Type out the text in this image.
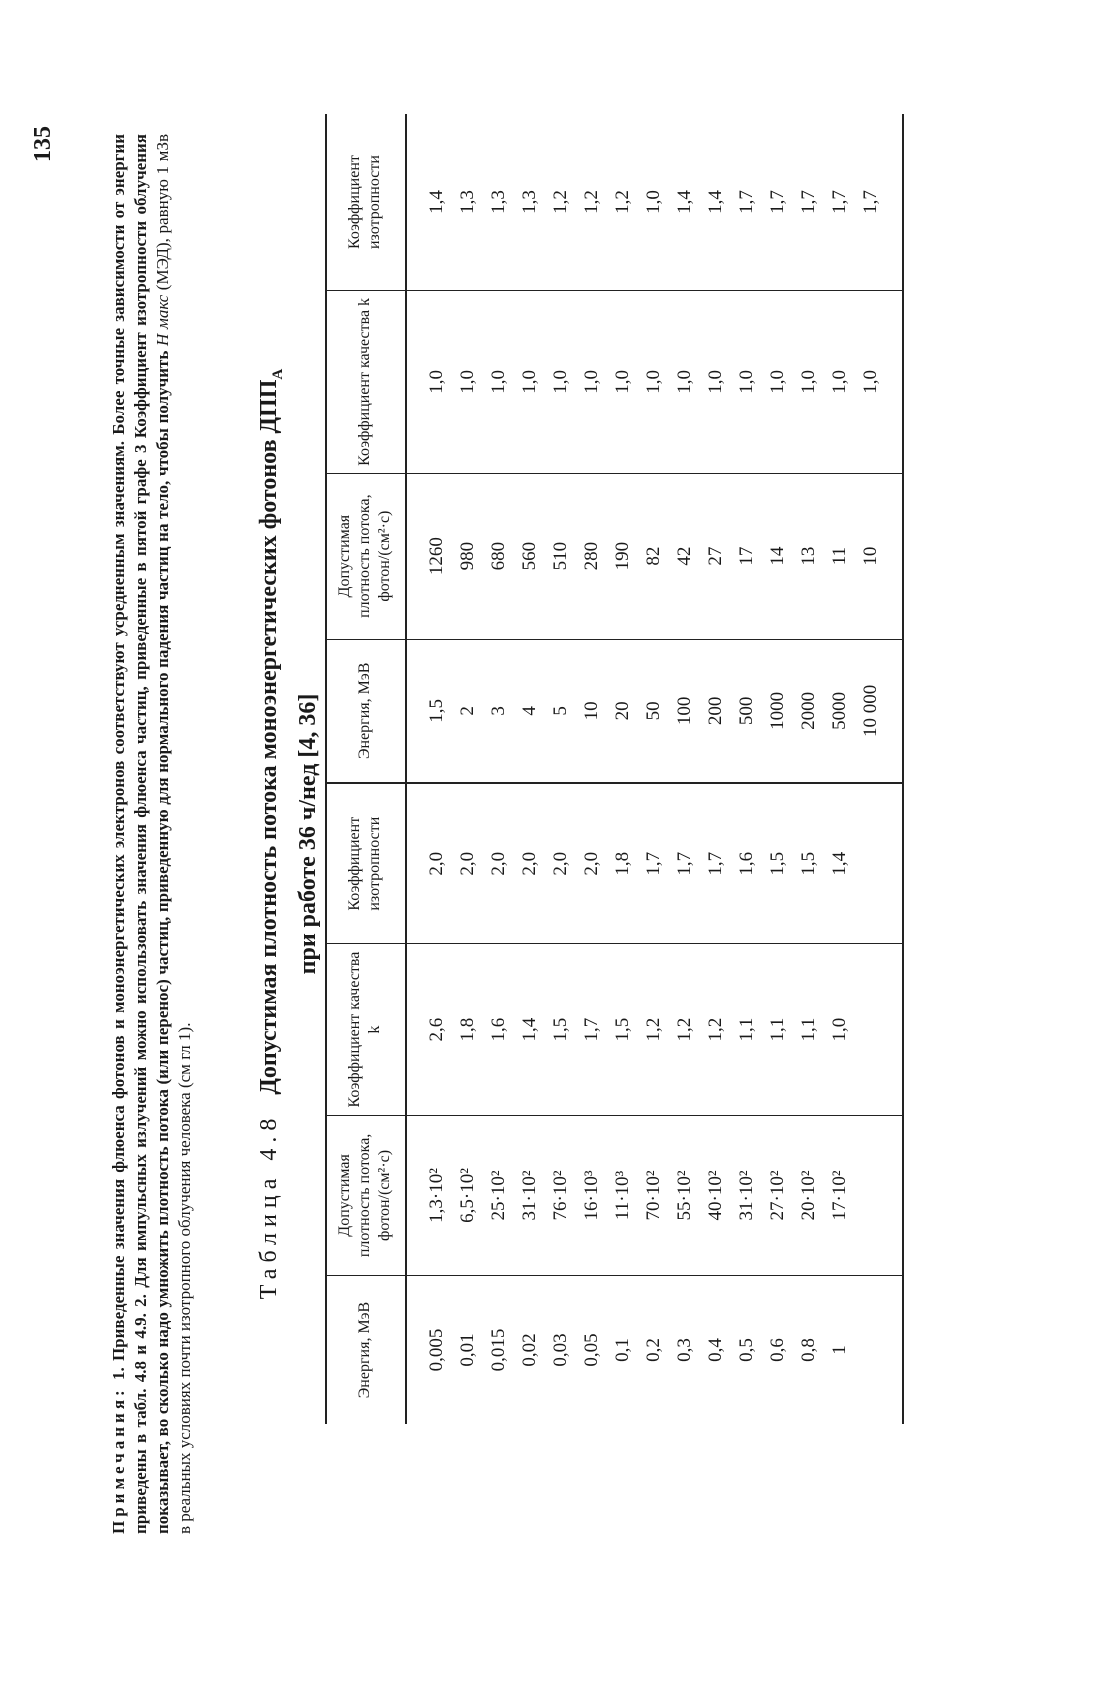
Примечания: 1. Приведенные значения флюенса фотонов и моноэнергетических электронов соответствуют усредненным значениям. Более точные зависимости от энергии приведены в табл. 4.8 и 4.9. 2. Для импульсных излучений можно использовать значения флюенса частиц, приведенные в пятой графе 3 Коэффициент изотропности облучения показывает, во сколько надо умножить плотность потока (или перенос) частиц, приведенную для нормального падения частиц на тело, чтобы получить H макс (МЭД), равную 1 мЗв в реальных условиях почти изотропного облучения человека (см гл 1).	Таблица 4.8   Допустимая плотность потока моноэнергетических фотонов $ДПП_A$
при работе 36 ч/нед [4, 36]
Энергия, МэВ	Допустимая плотность потока, фотон/(см²·с)	Коэффициент качества k	Коэффициент изотропности	Энергия, МэВ	Допустимая плотность потока, фотон/(см²·с)	Коэффициент качества k	Коэффициент изотропности
0,005	1,3·10²	2,6	2,0	1,5	1260	1,0	1,4
0,01	6,5·10²	1,8	2,0	2	980	1,0	1,3
0,015	25·10²	1,6	2,0	3	680	1,0	1,3
0,02	31·10²	1,4	2,0	4	560	1,0	1,3
0,03	76·10²	1,5	2,0	5	510	1,0	1,2
0,05	16·10³	1,7	2,0	10	280	1,0	1,2
0,1	11·10³	1,5	1,8	20	190	1,0	1,2
0,2	70·10²	1,2	1,7	50	82	1,0	1,0
0,3	55·10²	1,2	1,7	100	42	1,0	1,4
0,4	40·10²	1,2	1,7	200	27	1,0	1,4
0,5	31·10²	1,1	1,6	500	17	1,0	1,7
0,6	27·10²	1,1	1,5	1000	14	1,0	1,7
0,8	20·10²	1,1	1,5	2000	13	1,0	1,7
1	17·10²	1,0	1,4	5000	11	1,0	1,7
				10 000	10	1,0	1,7
135
